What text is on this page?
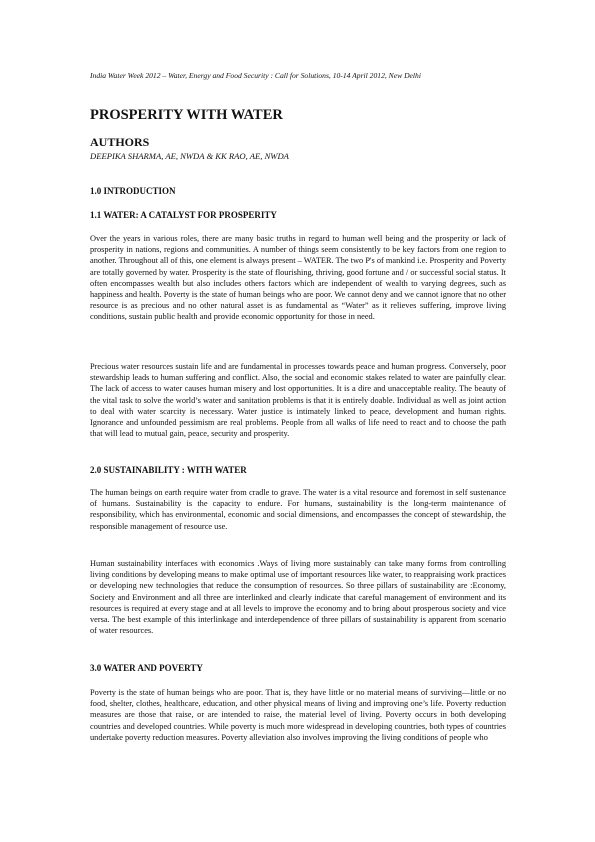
India Water Week 2012 – Water, Energy and Food Security : Call for Solutions, 10-14 April 2012, New Delhi
PROSPERITY WITH WATER
AUTHORS
DEEPIKA SHARMA, AE, NWDA & KK RAO, AE, NWDA
1.0 INTRODUCTION
1.1 WATER: A CATALYST FOR PROSPERITY

Over the years in various roles, there are many basic truths in regard to human well being and the prosperity or lack of prosperity in nations, regions and communities. A number of things seem consistently to be key factors from one region to another. Throughout all of this, one element is always present – WATER. The two P's of mankind i.e. Prosperity and Poverty are totally governed by water. Prosperity is the state of flourishing, thriving, good fortune and / or successful social status. It often encompasses wealth but also includes others factors which are independent of wealth to varying degrees, such as happiness and health. Poverty is the state of human beings who are poor. We cannot deny and we cannot ignore that no other resource is as precious and no other natural asset is as fundamental as “Water” as it relieves suffering, improve living conditions, sustain public health and provide economic opportunity for those in need.

Precious water resources sustain life and are fundamental in processes towards peace and human progress. Conversely, poor stewardship leads to human suffering and conflict. Also, the social and economic stakes related to water are painfully clear. The lack of access to water causes human misery and lost opportunities. It is a dire and unacceptable reality. The beauty of the vital task to solve the world’s water and sanitation problems is that it is entirely doable. Individual as well as joint action to deal with water scarcity is necessary. Water justice is intimately linked to peace, development and human rights. Ignorance and unfounded pessimism are real problems. People from all walks of life need to react and to choose the path that will lead to mutual gain, peace, security and prosperity.

2.0 SUSTAINABILITY : WITH WATER

The human beings on earth require water from cradle to grave. The water is a vital resource and foremost in self sustenance of humans. Sustainability is the capacity to endure. For humans, sustainability is the long-term maintenance of responsibility, which has environmental, economic and social dimensions, and encompasses the concept of stewardship, the responsible management of resource use.

Human sustainability interfaces with economics .Ways of living more sustainably can take many forms from controlling living conditions by developing means to make optimal use of important resources like water, to reappraising work practices or developing new technologies that reduce the consumption of resources. So three pillars of sustainability are :Economy, Society and Environment and all three are interlinked and clearly indicate that careful management of environment and its resources is required at every stage and at all levels to improve the economy and to bring about prosperous society and vice versa. The best example of this interlinkage and interdependence of three pillars of sustainability is apparent from scenario of water resources.

3.0 WATER AND POVERTY

Poverty is the state of human beings who are poor. That is, they have little or no material means of surviving—little or no food, shelter, clothes, healthcare, education, and other physical means of living and improving one’s life. Poverty reduction measures are those that raise, or are intended to raise, the material level of living. Poverty occurs in both developing countries and developed countries. While poverty is much more widespread in developing countries, both types of countries undertake poverty reduction measures. Poverty alleviation also involves improving the living conditions of people who
